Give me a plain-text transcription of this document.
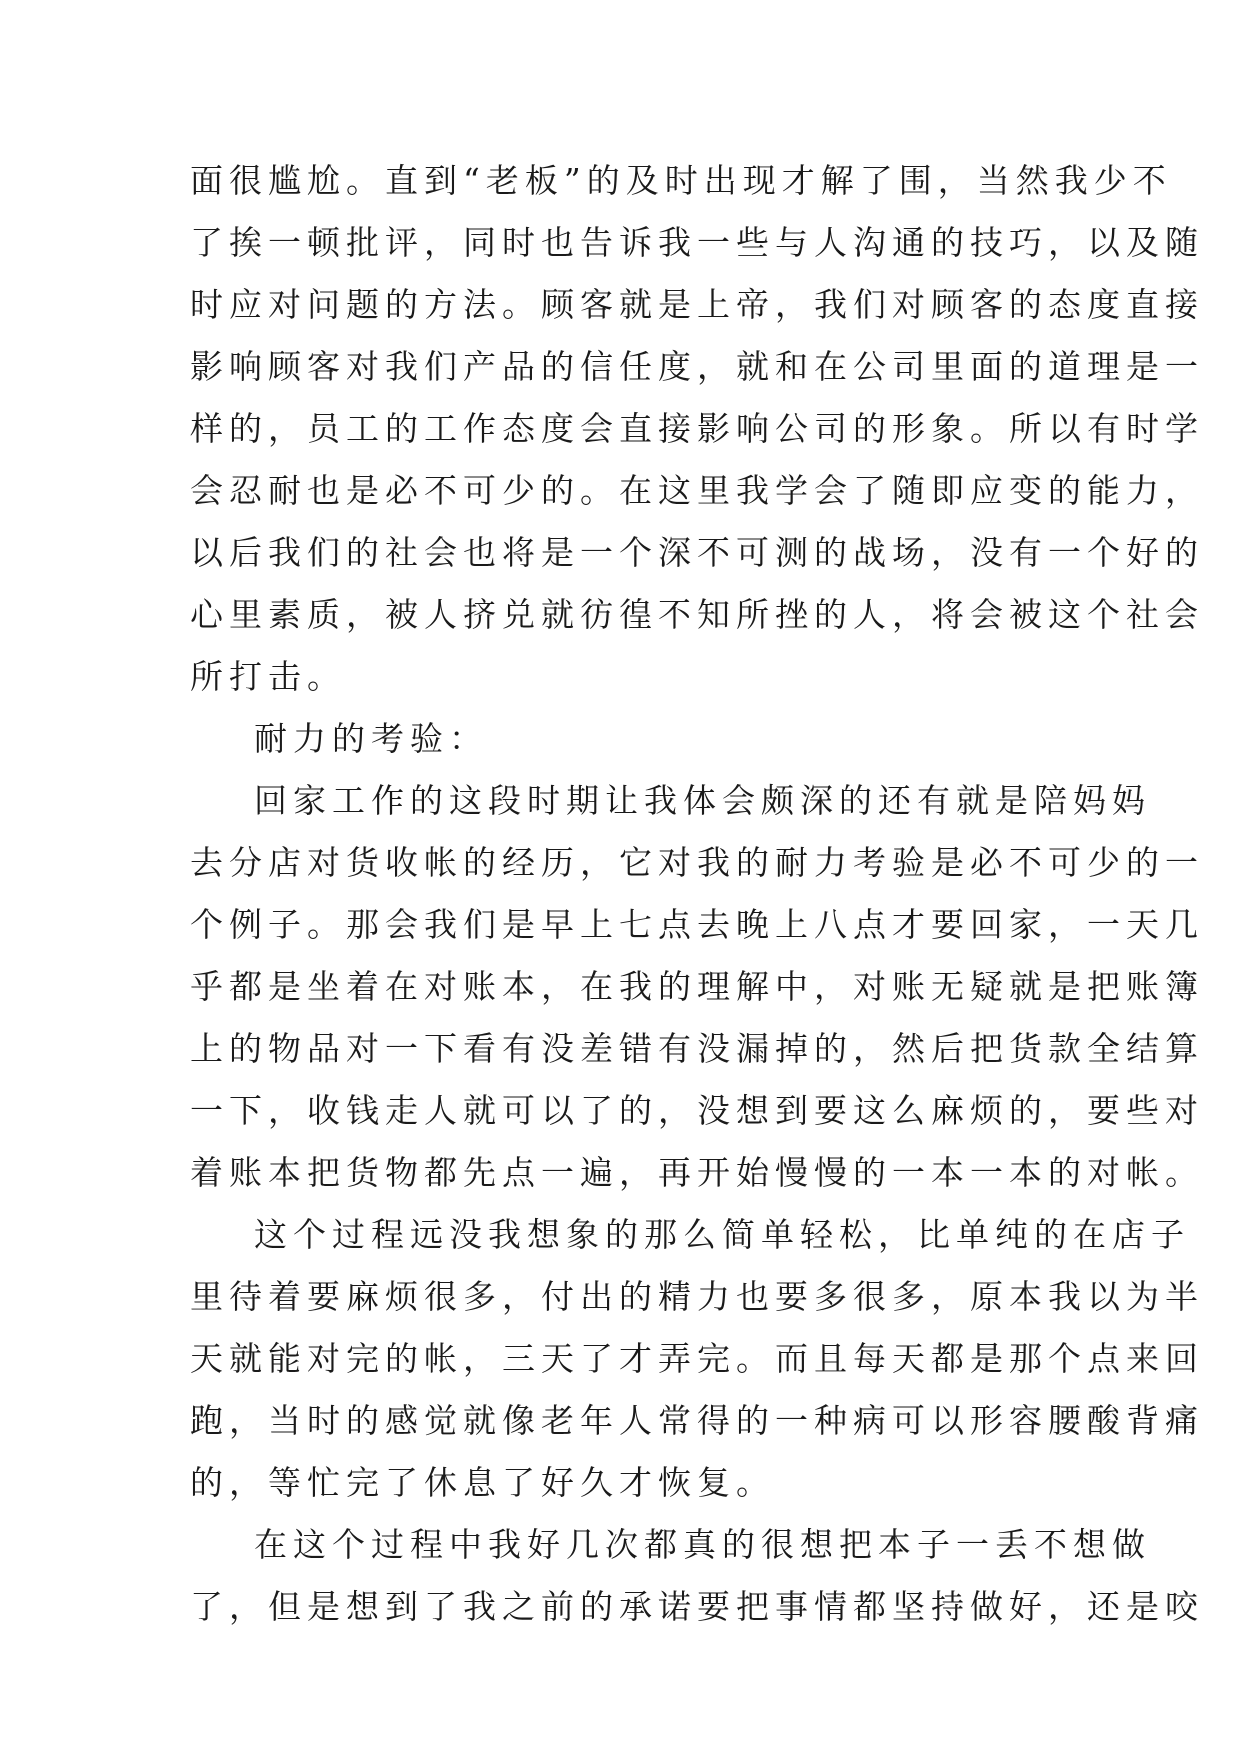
面很尴尬。直到“老板”的及时出现才解了围，当然我少不
了挨一顿批评，同时也告诉我一些与人沟通的技巧，以及随
时应对问题的方法。顾客就是上帝，我们对顾客的态度直接
影响顾客对我们产品的信任度，就和在公司里面的道理是一
样的，员工的工作态度会直接影响公司的形象。所以有时学
会忍耐也是必不可少的。在这里我学会了随即应变的能力，
以后我们的社会也将是一个深不可测的战场，没有一个好的
心里素质，被人挤兑就彷徨不知所挫的人，将会被这个社会
所打击。
耐力的考验：
回家工作的这段时期让我体会颇深的还有就是陪妈妈
去分店对货收帐的经历，它对我的耐力考验是必不可少的一
个例子。那会我们是早上七点去晚上八点才要回家，一天几
乎都是坐着在对账本，在我的理解中，对账无疑就是把账簿
上的物品对一下看有没差错有没漏掉的，然后把货款全结算
一下，收钱走人就可以了的，没想到要这么麻烦的，要些对
着账本把货物都先点一遍，再开始慢慢的一本一本的对帐。
这个过程远没我想象的那么简单轻松，比单纯的在店子
里待着要麻烦很多，付出的精力也要多很多，原本我以为半
天就能对完的帐，三天了才弄完。而且每天都是那个点来回
跑，当时的感觉就像老年人常得的一种病可以形容腰酸背痛
的，等忙完了休息了好久才恢复。
在这个过程中我好几次都真的很想把本子一丢不想做
了，但是想到了我之前的承诺要把事情都坚持做好，还是咬
